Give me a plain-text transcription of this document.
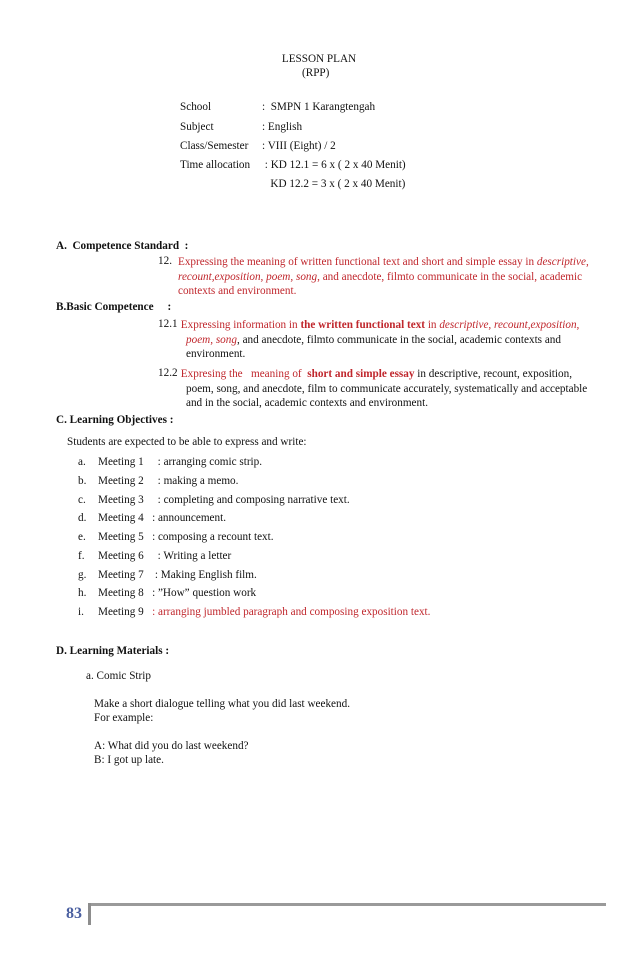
LESSON PLAN
(RPP)
School	:  SMPN 1 Karangtengah
Subject	: English
Class/Semester : VIII (Eight) / 2
Time allocation : KD 12.1 = 6 x ( 2 x 40 Menit)
KD 12.2 = 3 x ( 2 x 40 Menit)
A.  Competence Standard  :
12. Expressing the meaning of written functional text and short and simple essay in descriptive,
recount,exposition, poem, song, and anecdote, filmto communicate in the social, academic
contexts and environment.
B.Basic Competence     :
12.1 Expressing information in the written functional text in descriptive, recount,exposition,
poem, song, and anecdote, filmto communicate in the social, academic contexts and
environment.
12.2 Expresing the   meaning of  short and simple essay in descriptive, recount, exposition,
poem, song, and anecdote, film to communicate accurately, systematically and acceptable
and in the social, academic contexts and environment.
C. Learning Objectives :
Students are expected to be able to express and write:
a. Meeting 1     : arranging comic strip.
b. Meeting 2     : making a memo.
c. Meeting 3     : completing and composing narrative text.
d. Meeting 4   : announcement.
e. Meeting 5   : composing a recount text.
f. Meeting 6     : Writing a letter
g. Meeting 7    : Making English film.
h. Meeting 8   : ”How” question work
i. Meeting 9   : arranging jumbled paragraph and composing exposition text.
D. Learning Materials :
a. Comic Strip
Make a short dialogue telling what you did last weekend.
For example:
A: What did you do last weekend?
B: I got up late.
83
